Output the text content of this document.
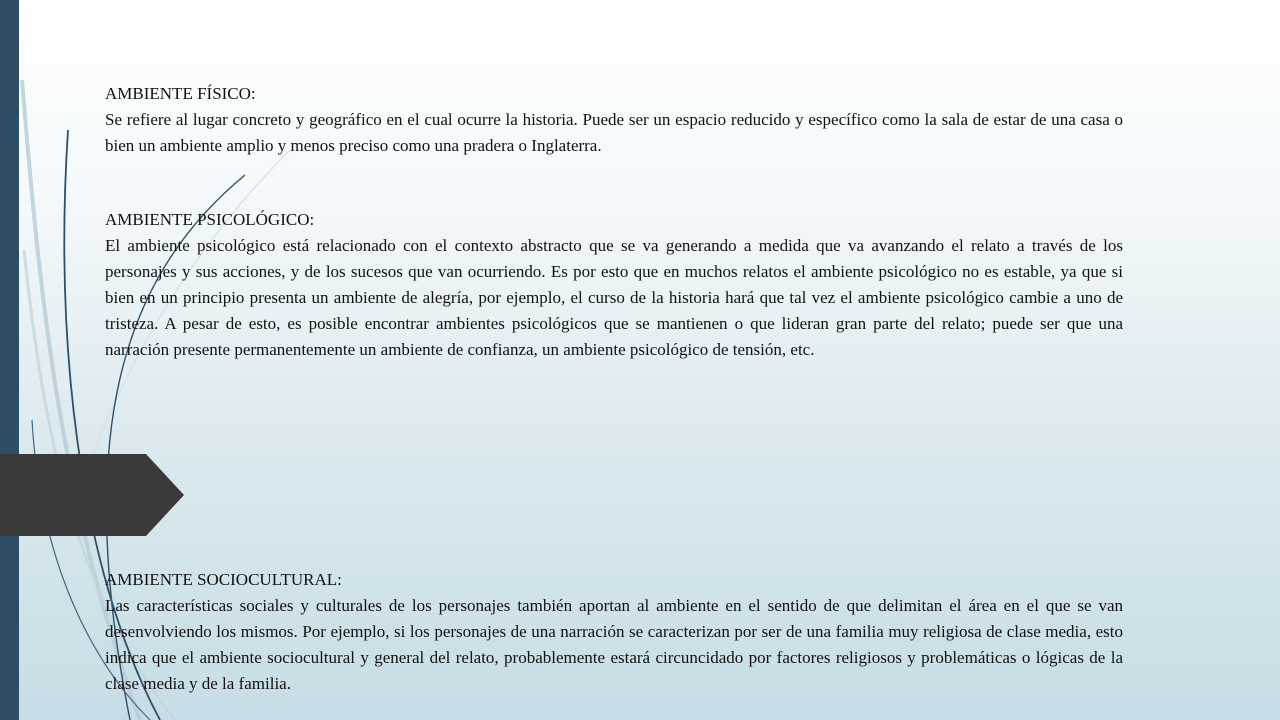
AMBIENTE FÍSICO:

Se refiere al lugar concreto y geográfico en el cual ocurre la historia. Puede ser un espacio reducido y específico como la sala de estar de una casa o bien un ambiente amplio y menos preciso como una pradera o Inglaterra.

AMBIENTE PSICOLÓGICO:

El ambiente psicológico está relacionado con el contexto abstracto que se va generando a medida que va avanzando el relato a través de los personajes y sus acciones, y de los sucesos que van ocurriendo. Es por esto que en muchos relatos el ambiente psicológico no es estable, ya que si bien en un principio presenta un ambiente de alegría, por ejemplo, el curso de la historia hará que tal vez el ambiente psicológico cambie a uno de tristeza. A pesar de esto, es posible encontrar ambientes psicológicos que se mantienen o que lideran gran parte del relato; puede ser que una narración presente permanentemente un ambiente de confianza, un ambiente psicológico de tensión, etc.

AMBIENTE SOCIOCULTURAL:

Las características sociales y culturales de los personajes también aportan al ambiente en el sentido de que delimitan el área en el que se van desenvolviendo los mismos. Por ejemplo, si los personajes de una narración se caracterizan por ser de una familia muy religiosa de clase media, esto indica que el ambiente sociocultural y general del relato, probablemente estará circuncidado por factores religiosos y problemáticas o lógicas de la clase media y de la familia.
